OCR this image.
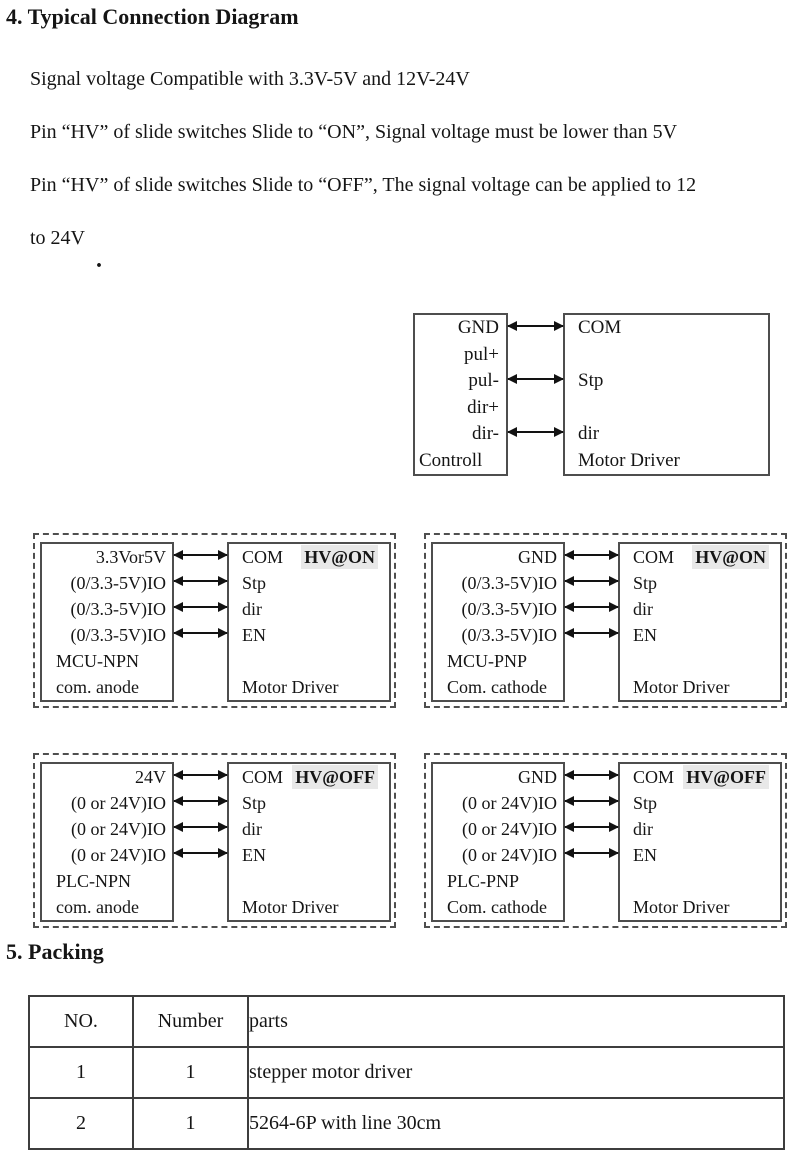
4. Typical Connection Diagram
Signal voltage Compatible with 3.3V-5V and 12V-24V
Pin “HV” of slide switches Slide to “ON”, Signal voltage must be lower than 5V
Pin “HV” of slide switches Slide to “OFF”, The signal voltage can be applied to 12
to 24V
.
GND
pul+
pul-
dir+
dir-
Controll
COM
Stp
dir
Motor Driver
3.3Vor5V
(0/3.3-5V)IO
(0/3.3-5V)IO
(0/3.3-5V)IO
MCU-NPN
com. anode
COM HV@ON
Stp
dir
EN
Motor Driver
GND
(0/3.3-5V)IO
(0/3.3-5V)IO
(0/3.3-5V)IO
MCU-PNP
Com. cathode
COM HV@ON
Stp
dir
EN
Motor Driver
24V
(0 or 24V)IO
(0 or 24V)IO
(0 or 24V)IO
PLC-NPN
com. anode
COM HV@OFF
Stp
dir
EN
Motor Driver
GND
(0 or 24V)IO
(0 or 24V)IO
(0 or 24V)IO
PLC-PNP
Com. cathode
COM HV@OFF
Stp
dir
EN
Motor Driver
5. Packing
NO.	Number	parts
1	1	stepper motor driver
2	1	5264-6P with line 30cm
